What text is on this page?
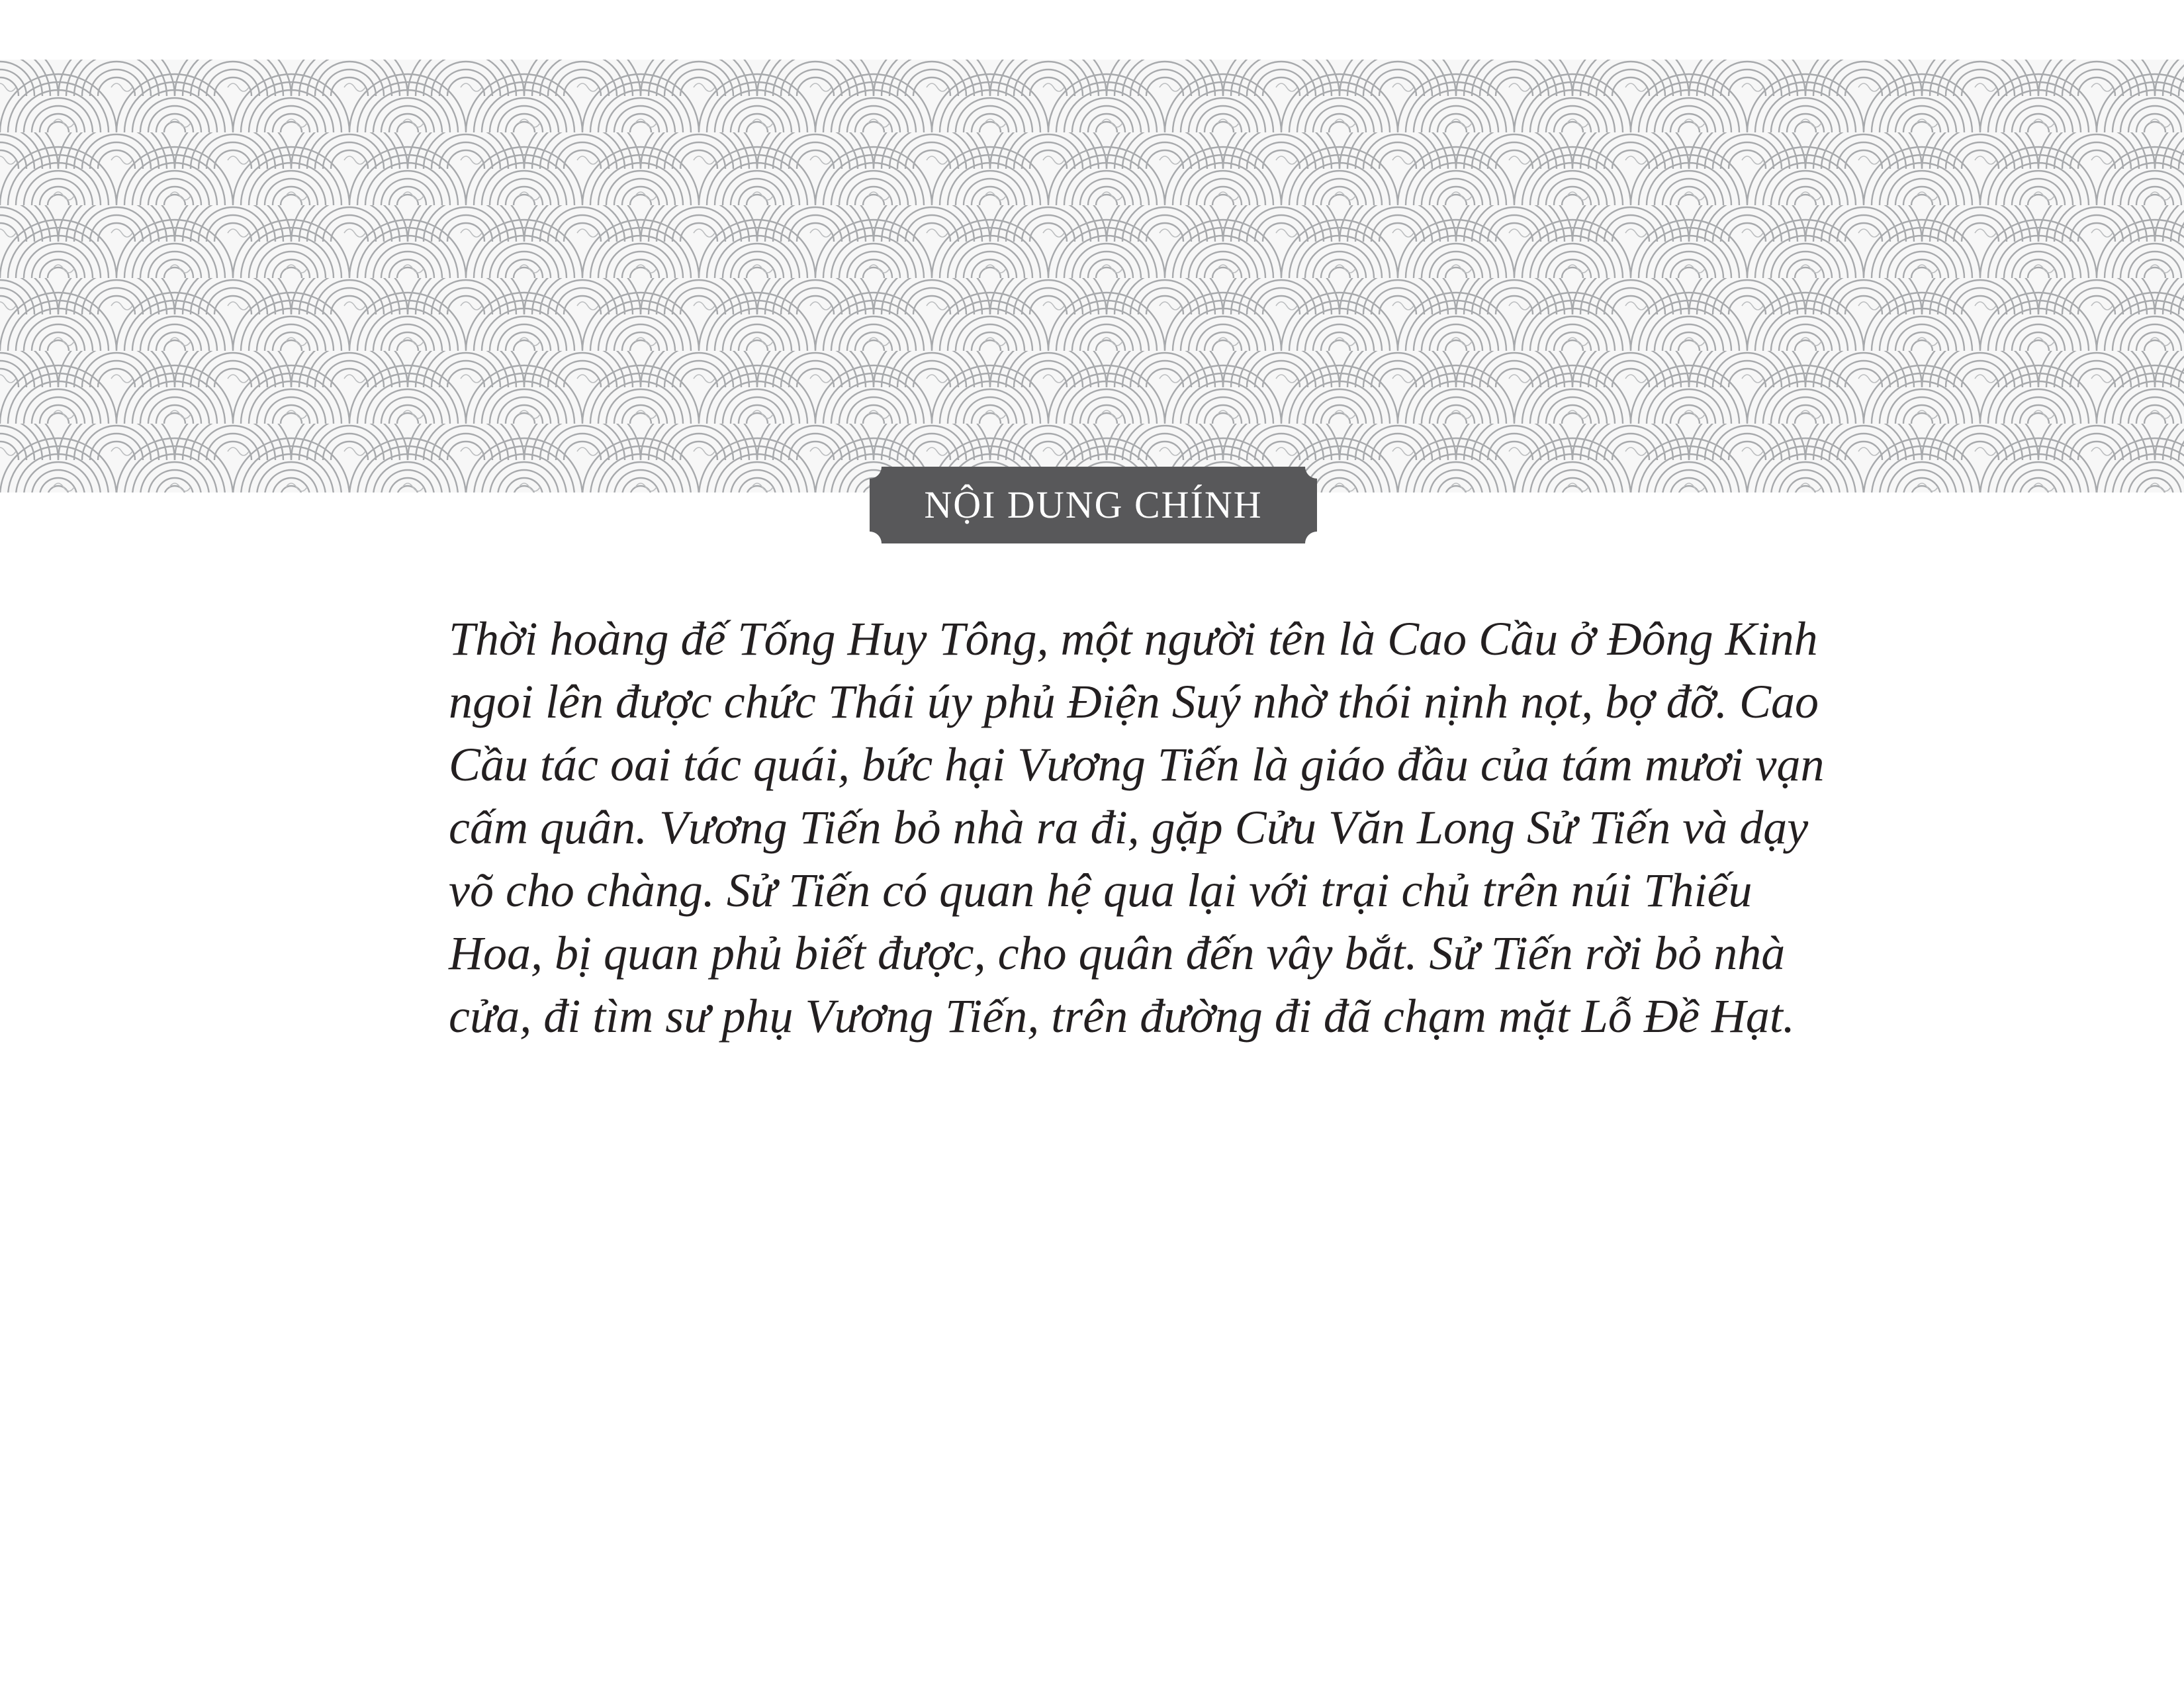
NỘI DUNG CHÍNH

Thời hoàng đế Tống Huy Tông, một người tên là Cao Cầu ở Đông Kinh
ngoi lên được chức Thái úy phủ Điện Suý nhờ thói nịnh nọt, bợ đỡ. Cao
Cầu tác oai tác quái, bức hại Vương Tiến là giáo đầu của tám mươi vạn
cấm quân. Vương Tiến bỏ nhà ra đi, gặp Cửu Văn Long Sử Tiến và dạy
võ cho chàng. Sử Tiến có quan hệ qua lại với trại chủ trên núi Thiếu
Hoa, bị quan phủ biết được, cho quân đến vây bắt. Sử Tiến rời bỏ nhà
cửa, đi tìm sư phụ Vương Tiến, trên đường đi đã chạm mặt Lỗ Đề Hạt.
